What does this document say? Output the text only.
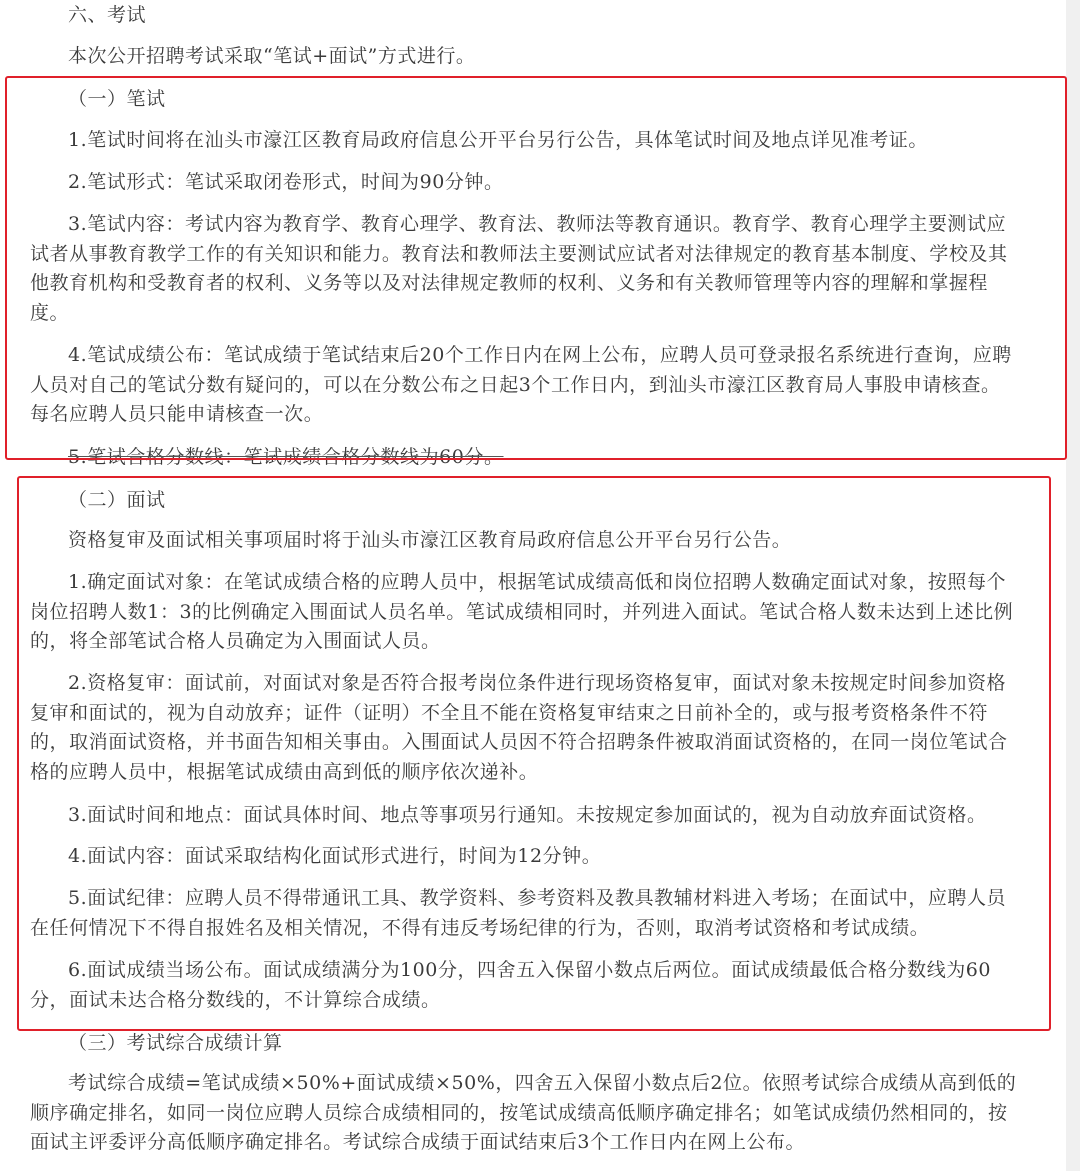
六、考试
本次公开招聘考试采取“笔试+面试”方式进行。
（一）笔试
1.笔试时间将在汕头市濠江区教育局政府信息公开平台另行公告，具体笔试时间及地点详见准考证。
2.笔试形式：笔试采取闭卷形式，时间为90分钟。
3.笔试内容：考试内容为教育学、教育心理学、教育法、教师法等教育通识。教育学、教育心理学主要测试应试者从事教育教学工作的有关知识和能力。教育法和教师法主要测试应试者对法律规定的教育基本制度、学校及其他教育机构和受教育者的权利、义务等以及对法律规定教师的权利、义务和有关教师管理等内容的理解和掌握程度。
4.笔试成绩公布：笔试成绩于笔试结束后20个工作日内在网上公布，应聘人员可登录报名系统进行查询，应聘人员对自己的笔试分数有疑问的，可以在分数公布之日起3个工作日内，到汕头市濠江区教育局人事股申请核查。每名应聘人员只能申请核查一次。
5.笔试合格分数线：笔试成绩合格分数线为60分。
（二）面试
资格复审及面试相关事项届时将于汕头市濠江区教育局政府信息公开平台另行公告。
1.确定面试对象：在笔试成绩合格的应聘人员中，根据笔试成绩高低和岗位招聘人数确定面试对象，按照每个岗位招聘人数1：3的比例确定入围面试人员名单。笔试成绩相同时，并列进入面试。笔试合格人数未达到上述比例的，将全部笔试合格人员确定为入围面试人员。
2.资格复审：面试前，对面试对象是否符合报考岗位条件进行现场资格复审，面试对象未按规定时间参加资格复审和面试的，视为自动放弃；证件（证明）不全且不能在资格复审结束之日前补全的，或与报考资格条件不符的，取消面试资格，并书面告知相关事由。入围面试人员因不符合招聘条件被取消面试资格的，在同一岗位笔试合格的应聘人员中，根据笔试成绩由高到低的顺序依次递补。
3.面试时间和地点：面试具体时间、地点等事项另行通知。未按规定参加面试的，视为自动放弃面试资格。
4.面试内容：面试采取结构化面试形式进行，时间为12分钟。
5.面试纪律：应聘人员不得带通讯工具、教学资料、参考资料及教具教辅材料进入考场；在面试中，应聘人员在任何情况下不得自报姓名及相关情况，不得有违反考场纪律的行为，否则，取消考试资格和考试成绩。
6.面试成绩当场公布。面试成绩满分为100分，四舍五入保留小数点后两位。面试成绩最低合格分数线为60分，面试未达合格分数线的，不计算综合成绩。
（三）考试综合成绩计算
考试综合成绩=笔试成绩×50%+面试成绩×50%，四舍五入保留小数点后2位。依照考试综合成绩从高到低的顺序确定排名，如同一岗位应聘人员综合成绩相同的，按笔试成绩高低顺序确定排名；如笔试成绩仍然相同的，按面试主评委评分高低顺序确定排名。考试综合成绩于面试结束后3个工作日内在网上公布。
